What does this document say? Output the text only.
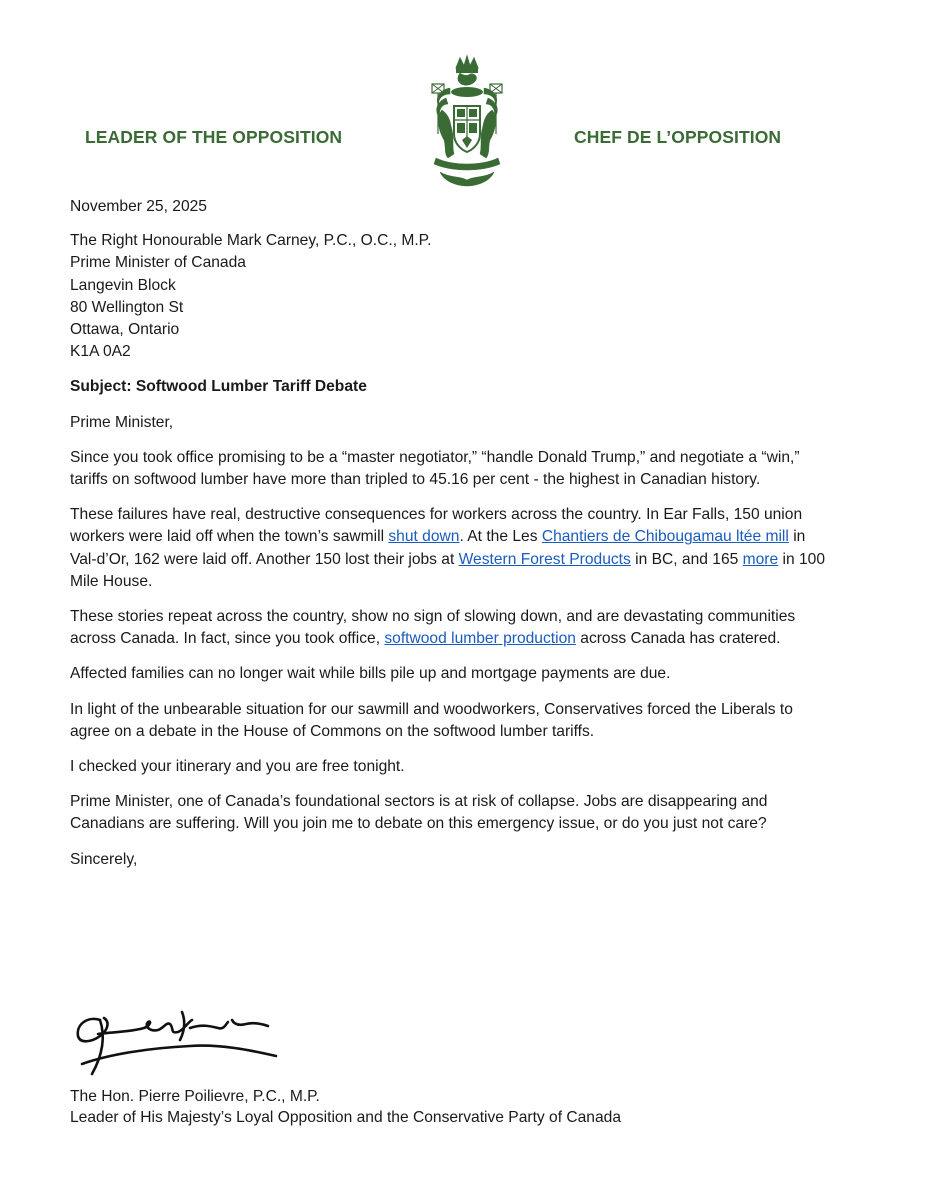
LEADER OF THE OPPOSITION	CHEF DE L’OPPOSITION
November 25, 2025
The Right Honourable Mark Carney, P.C., O.C., M.P.
Prime Minister of Canada
Langevin Block
80 Wellington St
Ottawa, Ontario
K1A 0A2
Subject: Softwood Lumber Tariff Debate
Prime Minister,
Since you took office promising to be a “master negotiator,” “handle Donald Trump,” and negotiate a “win,” tariffs on softwood lumber have more than tripled to 45.16 per cent - the highest in Canadian history.
These failures have real, destructive consequences for workers across the country. In Ear Falls, 150 union workers were laid off when the town’s sawmill shut down. At the Les Chantiers de Chibougamau ltée mill in Val-d’Or, 162 were laid off. Another 150 lost their jobs at Western Forest Products in BC, and 165 more in 100 Mile House.
These stories repeat across the country, show no sign of slowing down, and are devastating communities across Canada. In fact, since you took office, softwood lumber production across Canada has cratered.
Affected families can no longer wait while bills pile up and mortgage payments are due.
In light of the unbearable situation for our sawmill and woodworkers, Conservatives forced the Liberals to agree on a debate in the House of Commons on the softwood lumber tariffs.
I checked your itinerary and you are free tonight.
Prime Minister, one of Canada’s foundational sectors is at risk of collapse. Jobs are disappearing and Canadians are suffering. Will you join me to debate on this emergency issue, or do you just not care?
Sincerely,
The Hon. Pierre Poilievre, P.C., M.P.
Leader of His Majesty’s Loyal Opposition and the Conservative Party of Canada
